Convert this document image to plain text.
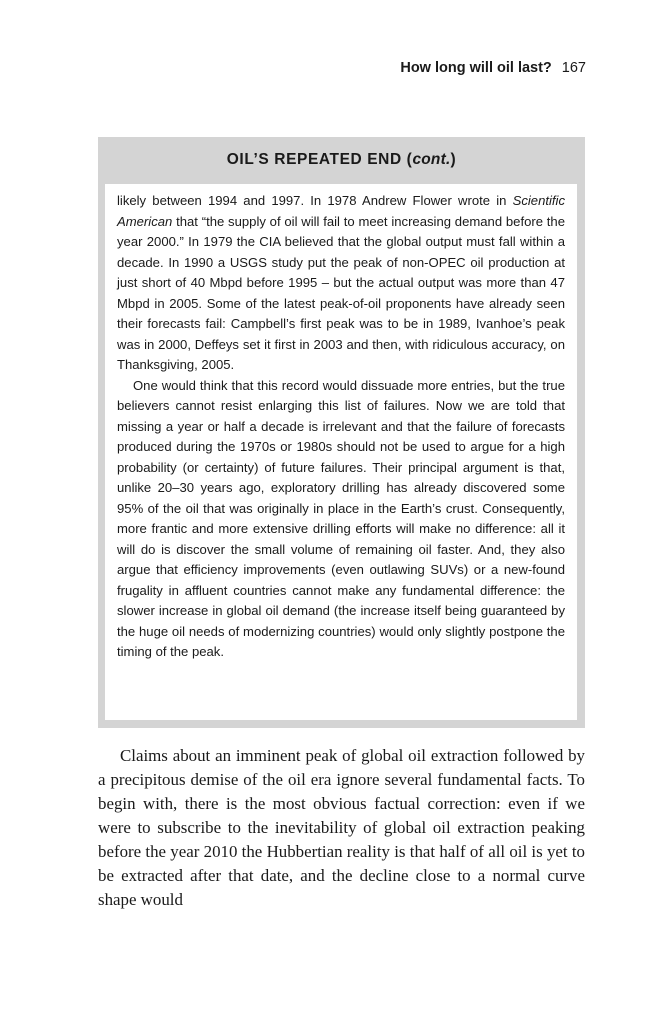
How long will oil last? 167
OIL’S REPEATED END (cont.)

likely between 1994 and 1997. In 1978 Andrew Flower wrote in Scientific American that “the supply of oil will fail to meet increasing demand before the year 2000.” In 1979 the CIA believed that the global output must fall within a decade. In 1990 a USGS study put the peak of non-OPEC oil production at just short of 40 Mbpd before 1995 – but the actual output was more than 47 Mbpd in 2005. Some of the latest peak-of-oil proponents have already seen their forecasts fail: Campbell’s first peak was to be in 1989, Ivanhoe’s peak was in 2000, Deffeys set it first in 2003 and then, with ridiculous accuracy, on Thanksgiving, 2005.

One would think that this record would dissuade more entries, but the true believers cannot resist enlarging this list of failures. Now we are told that missing a year or half a decade is irrelevant and that the failure of forecasts produced during the 1970s or 1980s should not be used to argue for a high probability (or certainty) of future failures. Their principal argument is that, unlike 20–30 years ago, exploratory drilling has already discovered some 95% of the oil that was originally in place in the Earth’s crust. Consequently, more frantic and more extensive drilling efforts will make no difference: all it will do is discover the small volume of remaining oil faster. And, they also argue that efficiency improvements (even outlawing SUVs) or a new-found frugality in affluent countries cannot make any fundamental difference: the slower increase in global oil demand (the increase itself being guaranteed by the huge oil needs of modernizing countries) would only slightly postpone the timing of the peak.

Claims about an imminent peak of global oil extraction followed by a precipitous demise of the oil era ignore several fundamental facts. To begin with, there is the most obvious factual correction: even if we were to subscribe to the inevitability of global oil extraction peaking before the year 2010 the Hubbertian reality is that half of all oil is yet to be extracted after that date, and the decline close to a normal curve shape would
